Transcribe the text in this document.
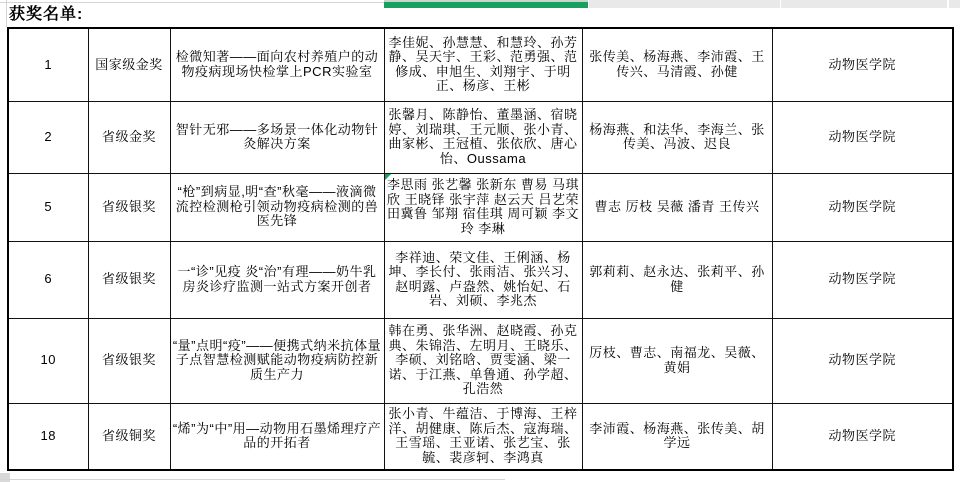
获奖名单:
1	国家级金奖	检微知著——面向农村养殖户的动物疫病现场快检掌上PCR实验室	李佳妮、孙慧慧、和慧玲、孙芳静、吴天宇、王彩、范勇强、范修成、申旭生、刘翔宇、于明正、杨彦、王彬	张传美、杨海燕、李沛霞、王传兴、马清霞、孙健	动物医学院
2	省级金奖	智针无邪——多场景一体化动物针灸解决方案	张馨月、陈静怡、董墨涵、宿晓婷、刘瑞琪、王元顺、张小青、曲家彬、王冠植、张依欣、唐心怡、Oussama	杨海燕、和法华、李海兰、张传美、冯波、迟良	动物医学院
5	省级银奖	“枪”到病显,明“查”秋毫——液滴微流控检测枪引领动物疫病检测的兽医先锋	李思雨 张艺馨 张新东 曹易 马琪欣 王晓铎 张宇萍 赵云天 吕艺荣 田冀鲁 邹翔 宿佳琪 周可颖 李文玲 李琳	曹志 厉枝 吴薇 潘青 王传兴	动物医学院
6	省级银奖	一“诊”见疫 炎“治”有理——奶牛乳房炎诊疗监测一站式方案开创者	李祥迪、荣文佳、王俐涵、杨坤、李长付、张雨洁、张兴习、赵明露、卢盎然、姚怡妃、石岩、刘硕、李兆杰	郭莉莉、赵永达、张莉平、孙健	动物医学院
10	省级银奖	“量”点明“疫”——便携式纳米抗体量子点智慧检测赋能动物疫病防控新质生产力	韩在勇、张华洲、赵晓霞、孙克典、朱锦浩、左明月、王晓乐、李硕、刘铭晗、贾雯涵、梁一诺、于江燕、单鲁通、孙学超、孔浩然	厉枝、曹志、南福龙、吴薇、黄娟	动物医学院
18	省级铜奖	“烯”为“中”用—动物用石墨烯理疗产品的开拓者	张小青、牛蕴洁、于博海、王梓洋、胡健康、陈后杰、寇海瑞、王雪瑶、王亚诺、张艺宝、张毓、裴彦轲、李鸿真	李沛霞、杨海燕、张传美、胡学远	动物医学院
